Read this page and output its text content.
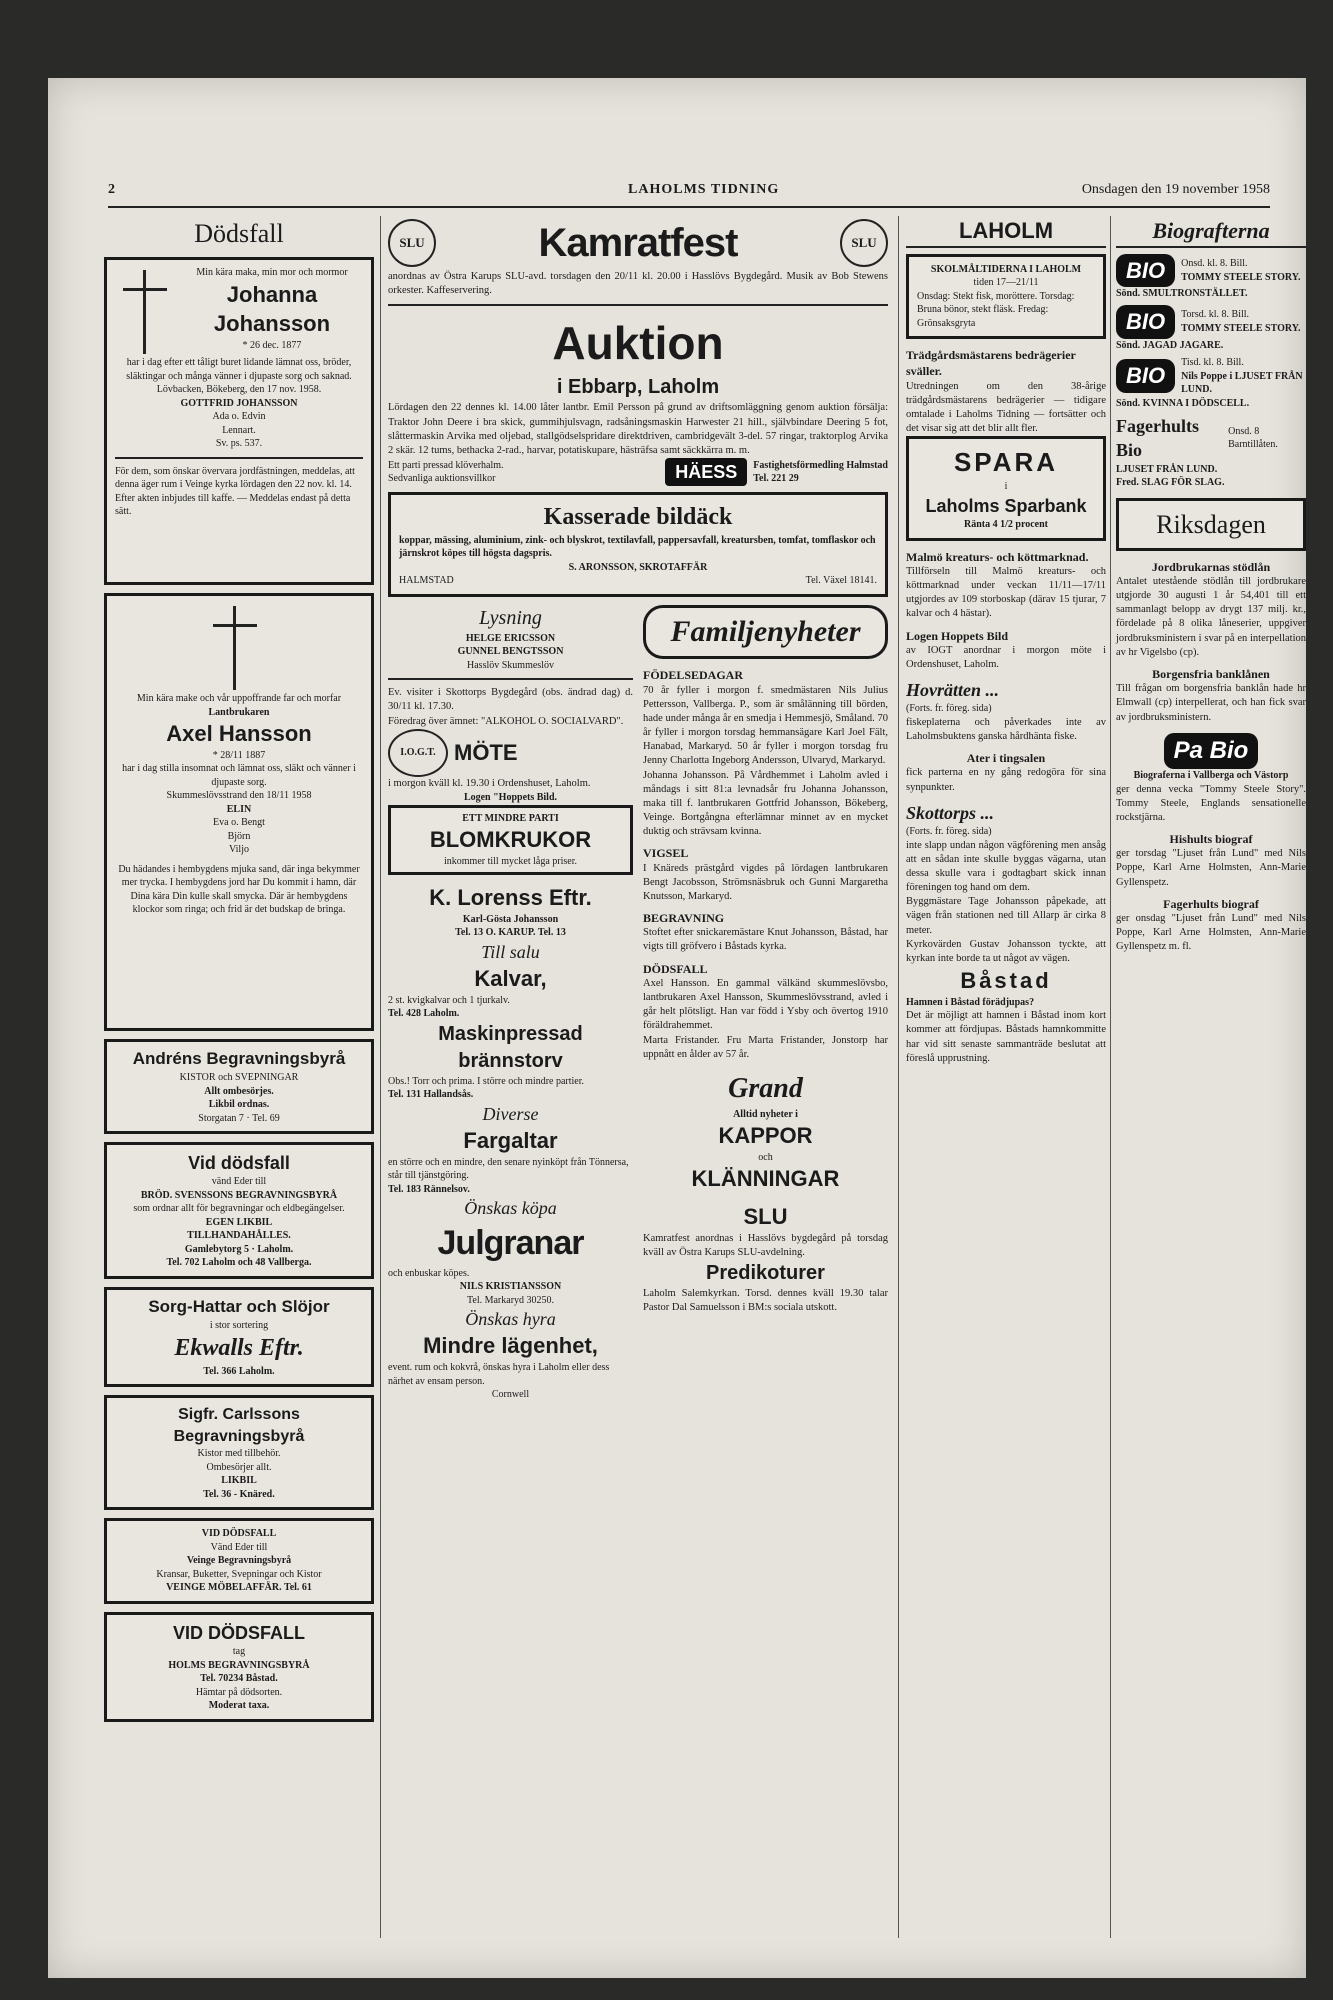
2	LAHOLMS TIDNING	Onsdagen den 19 november 1958
Dödsfall
Min kära maka, min mor och mormor
Johanna Johansson
* 26 dec. 1877
har i dag efter ett tåligt buret lidande lämnat oss, bröder, släktingar och många vänner i djupaste sorg och saknad.
Lövbacken, Bökeberg, den 17 nov. 1958.
GOTTFRID JOHANSSON
Ada o. Edvin
Lennart.
Sv. ps. 537.
För dem, som önskar övervara jordfästningen, meddelas, att denna äger rum i Veinge kyrka lördagen den 22 nov. kl. 14. Efter akten inbjudes till kaffe. — Meddelas endast på detta sätt.
Min kära make och vår uppoffrande far och morfar
Lantbrukaren
Axel Hansson
* 28/11 1887
har i dag stilla insomnat och lämnat oss, släkt och vänner i djupaste sorg.
Skummeslövsstrand den 18/11 1958
ELIN
Eva o. Bengt
Björn
Viljo
Du hädandes i hembygdens mjuka sand, där inga bekymmer mer trycka. I hembygdens jord har Du kommit i hamn, där Dina kära Din kulle skall smycka. Där är hembygdens klockor som ringa; och frid är det budskap de bringa.
Andréns Begravningsbyrå
KISTOR och SVEPNINGAR
Allt ombesörjes.
Likbil ordnas.
Storgatan 7 · Tel. 69
Vid dödsfall
vänd Eder till
BRÖD. SVENSSONS BEGRAVNINGSBYRÅ
som ordnar allt för begravningar och eldbegängelser.
EGEN LIKBIL
TILLHANDAHÅLLES.
Gamlebytorg 5 · Laholm.
Tel. 702 Laholm och 48 Vallberga.
Sorg-Hattar och Slöjor
i stor sortering
Ekwalls Eftr.
Tel. 366 Laholm.
Sigfr. Carlssons Begravningsbyrå
Kistor med tillbehör.
Ombesörjer allt.
LIKBIL
Tel. 36 - Knäred.
VID DÖDSFALL
Vänd Eder till
Veinge Begravningsbyrå
Kransar, Buketter, Svepningar och Kistor
VEINGE MÖBELAFFÄR. Tel. 61
VID DÖDSFALL
tag
HOLMS BEGRAVNINGSBYRÅ
Tel. 70234 Båstad.
Hämtar på dödsorten.
Moderat taxa.
SLU	Kamratfest	SLU
anordnas av Östra Karups SLU-avd. torsdagen den 20/11 kl. 20.00 i Hasslövs Bygdegård. Musik av Bob Stewens orkester. Kaffeservering.
Auktion
i Ebbarp, Laholm
Lördagen den 22 dennes kl. 14.00 låter lantbr. Emil Persson på grund av driftsomläggning genom auktion försälja: Traktor John Deere i bra skick, gummihjulsvagn, radsåningsmaskin Harwester 21 hill., självbindare Deering 5 fot, slåttermaskin Arvika med oljebad, stallgödselspridare direktdriven, cambridgevält 3-del. 57 ringar, traktorplog Arvika 2 skär. 12 tums, bethacka 2-rad., harvar, potatiskupare, hästräfsa samt säckkärra m. m.
Ett parti pressad klöverhalm.
Sedvanliga auktionsvillkor	HÄESS	Fastighetsförmedling Halmstad
Tel. 221 29
Kasserade bildäck
koppar, mässing, aluminium, zink- och blyskrot, textilavfall, pappersavfall, kreatursben, tomfat, tomflaskor och järnskrot köpes till högsta dagspris.
S. ARONSSON, SKROTAFFÄR
HALMSTAD	Tel. Växel 18141.
Lysning
HELGE ERICSSON
GUNNEL BENGTSSON
Hasslöv Skummeslöv
Ev. visiter i Skottorps Bygdegård (obs. ändrad dag) d. 30/11 kl. 17.30.
Föredrag över ämnet: "ALKOHOL O. SOCIALVARD".
I.O.G.T. MÖTE
i morgon kväll kl. 19.30 i Ordenshuset, Laholm.
Logen "Hoppets Bild.
ETT MINDRE PARTI
BLOMKRUKOR
inkommer till mycket låga priser.
K. Lorenss Eftr.
Karl-Gösta Johansson
Tel. 13 O. KARUP. Tel. 13
Till salu
Kalvar,
2 st. kvigkalvar och 1 tjurkalv.
Tel. 428 Laholm.
Maskinpressad brännstorv
Obs.! Torr och prima. I större och mindre partier.
Tel. 131 Hallandsås.
Diverse
Fargaltar
en större och en mindre, den senare nyinköpt från Tönnersa, står till tjänstgöring.
Tel. 183 Rännelsov.
Önskas köpa
Julgranar
och enbuskar köpes.
NILS KRISTIANSSON
Tel. Markaryd 30250.
Önskas hyra
Mindre lägenhet,
event. rum och kokvrå, önskas hyra i Laholm eller dess närhet av ensam person.
Cornwell
Familjenyheter
FÖDELSEDAGAR
70 år fyller i morgon f. smedmästaren Nils Julius Pettersson, Vallberga. P., som är smålänning till börden, hade under många år en smedja i Hemmesjö, Småland. 70 år fyller i morgon torsdag hemmansägare Karl Joel Fält, Hanabad, Markaryd. 50 år fyller i morgon torsdag fru Jenny Charlotta Ingeborg Andersson, Ulvaryd, Markaryd.
Johanna Johansson. På Vårdhemmet i Laholm avled i måndags i sitt 81:a levnadsår fru Johanna Johansson, maka till f. lantbrukaren Gottfrid Johansson, Bökeberg, Veinge. Bortgångna efterlämnar minnet av en mycket duktig och strävsam kvinna.
VIGSEL
I Knäreds prästgård vigdes på lördagen lantbrukaren Bengt Jacobsson, Strömsnäsbruk och Gunni Margaretha Knutsson, Markaryd.
BEGRAVNING
Stoftet efter snickaremästare Knut Johansson, Båstad, har vigts till gröfvero i Båstads kyrka.
DÖDSFALL
Axel Hansson. En gammal välkänd skummeslövsbo, lantbrukaren Axel Hansson, Skummeslövsstrand, avled i går helt plötsligt. Han var född i Ysby och övertog 1910 föräldrahemmet.
Marta Fristander. Fru Marta Fristander, Jonstorp har uppnått en ålder av 57 år.
Grand
Alltid nyheter i
KAPPOR
och
KLÄNNINGAR
SLU
Kamratfest anordnas i Hasslövs bygdegård på torsdag kväll av Östra Karups SLU-avdelning.
Predikoturer
Laholm Salemkyrkan. Torsd. dennes kväll 19.30 talar Pastor Dal Samuelsson i BM:s sociala utskott.
LAHOLM
SKOLMÅLTIDERNA I LAHOLM
tiden 17—21/11
Onsdag: Stekt fisk, moröttere. Torsdag: Bruna bönor, stekt fläsk. Fredag: Grönsaksgryta
Trädgårdsmästarens bedrägerier sväller.
Utredningen om den 38-årige trädgårdsmästarens bedrägerier — tidigare omtalade i Laholms Tidning — fortsätter och det visar sig att det blir allt fler.
SPARA
i
Laholms Sparbank
Ränta 4 1/2 procent
Malmö kreaturs- och köttmarknad.
Tillförseln till Malmö kreaturs- och köttmarknad under veckan 11/11—17/11 utgjordes av 109 storboskap (därav 15 tjurar, 7 kalvar och 4 hästar).
Logen Hoppets Bild
av IOGT anordnar i morgon möte i Ordenshuset, Laholm.
Hovrätten ...
(Forts. fr. föreg. sida)
fiskeplaterna och påverkades inte av Laholmsbuktens ganska hårdhänta fiske.
Ater i tingsalen
fick parterna en ny gång redogöra för sina synpunkter.
Skottorps ...
(Forts. fr. föreg. sida)
inte slapp undan någon vägförening men ansåg att en sådan inte skulle byggas vägarna, utan dessa skulle vara i godtagbart skick innan föreningen tog hand om dem.
Byggmästare Tage Johansson påpekade, att vägen från stationen ned till Allarp är cirka 8 meter.
Kyrkovärden Gustav Johansson tyckte, att kyrkan inte borde ta ut något av vägen.
Båstad
Hamnen i Båstad förädjupas?
Det är möjligt att hamnen i Båstad inom kort kommer att fördjupas. Båstads hamnkommitte har vid sitt senaste sammanträde beslutat att föreslå upprustning.
Biografterna
BIO	Onsd. kl. 8. Bill.
TOMMY STEELE STORY.
Sönd. SMULTRONSTÄLLET.
BIO	Torsd. kl. 8. Bill.
TOMMY STEELE STORY.
Sönd. JAGAD JAGARE.
BIO
Tisd. kl. 8. Bill.
Nils Poppe i LJUSET FRÅN LUND.
Sönd. KVINNA I DÖDSCELL.
Fagerhults Bio
Onsd. 8 Barntillåten.
LJUSET FRÅN LUND.
Fred. SLAG FÖR SLAG.
Riksdagen
Jordbrukarnas stödlån
Antalet utestående stödlån till jordbrukare utgjorde 30 augusti 1 år 54,401 till ett sammanlagt belopp av drygt 137 milj. kr., fördelade på 8 olika låneserier, uppgiver jordbruksministern i svar på en interpellation av hr Vigelsbo (cp).
Borgensfria banklånen
Till frågan om borgensfria banklån hade hr Elmwall (cp) interpellerat, och han fick svar av jordbruksministern.
Pa Bio
Biograferna i Vallberga och Västorp
ger denna vecka "Tommy Steele Story". Tommy Steele, Englands sensationelle rockstjärna.
Hishults biograf
ger torsdag "Ljuset från Lund" med Nils Poppe, Karl Arne Holmsten, Ann-Marie Gyllenspetz.
Fagerhults biograf
ger onsdag "Ljuset från Lund" med Nils Poppe, Karl Arne Holmsten, Ann-Marie Gyllenspetz m. fl.
